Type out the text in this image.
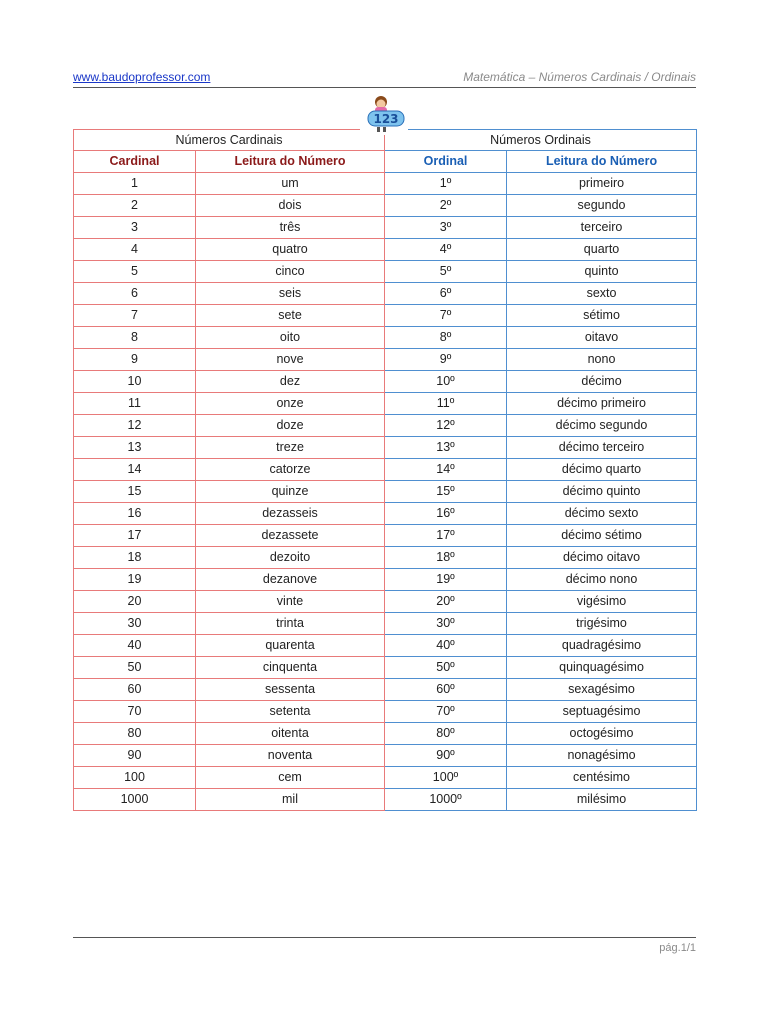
www.baudoprofessor.com	Matemática – Números Cardinais / Ordinais
123
Números Cardinais		Números Ordinais	
Cardinal	Leitura do Número	Ordinal	Leitura do Número
1	um	1º	primeiro
2	dois	2º	segundo
3	três	3º	terceiro
4	quatro	4º	quarto
5	cinco	5º	quinto
6	seis	6º	sexto
7	sete	7º	sétimo
8	oito	8º	oitavo
9	nove	9º	nono
10	dez	10º	décimo
11	onze	11º	décimo primeiro
12	doze	12º	décimo segundo
13	treze	13º	décimo terceiro
14	catorze	14º	décimo quarto
15	quinze	15º	décimo quinto
16	dezasseis	16º	décimo sexto
17	dezassete	17º	décimo sétimo
18	dezoito	18º	décimo oitavo
19	dezanove	19º	décimo nono
20	vinte	20º	vigésimo
30	trinta	30º	trigésimo
40	quarenta	40º	quadragésimo
50	cinquenta	50º	quinquagésimo
60	sessenta	60º	sexagésimo
70	setenta	70º	septuagésimo
80	oitenta	80º	octogésimo
90	noventa	90º	nonagésimo
100	cem	100º	centésimo
1000	mil	1000º	milésimo
pág.1/1
